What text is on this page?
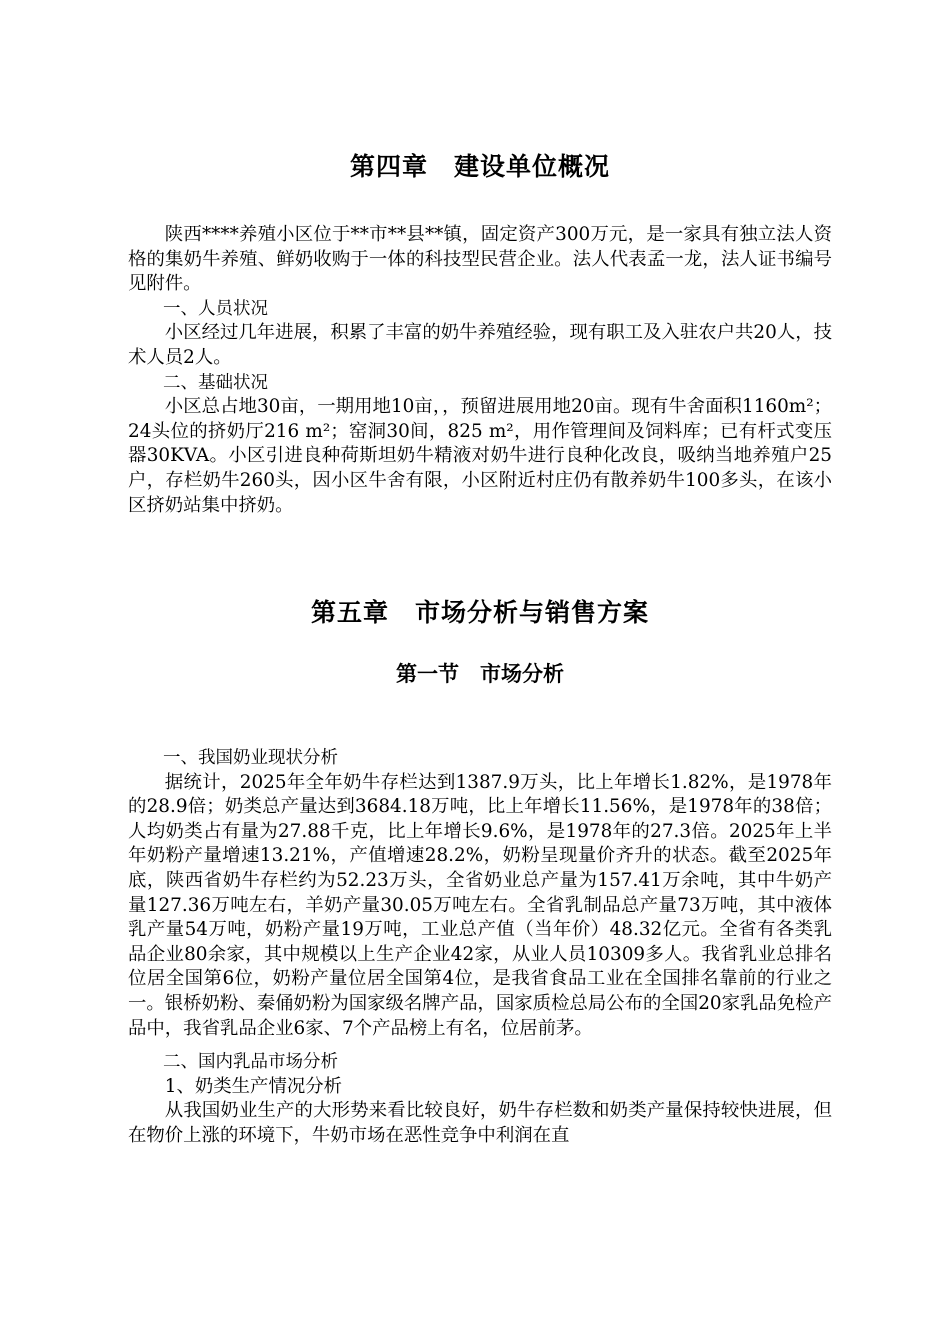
第四章　建设单位概况

陕西****养殖小区位于**市**县**镇，固定资产300万元，是一家具有独立法人资格的集奶牛养殖、鲜奶收购于一体的科技型民营企业。法人代表孟一龙，法人证书编号见附件。

一、人员状况

小区经过几年进展，积累了丰富的奶牛养殖经验，现有职工及入驻农户共20人，技术人员2人。

二、基础状况

小区总占地30亩，一期用地10亩，，预留进展用地20亩。现有牛舍面积1160m²；24头位的挤奶厅216 m²；窑洞30间，825 m²，用作管理间及饲料库；已有杆式变压器30KVA。小区引进良种荷斯坦奶牛精液对奶牛进行良种化改良，吸纳当地养殖户25户，存栏奶牛260头，因小区牛舍有限，小区附近村庄仍有散养奶牛100多头，在该小区挤奶站集中挤奶。

第五章　市场分析与销售方案
第一节　市场分析

一、我国奶业现状分析

据统计，2025年全年奶牛存栏达到1387.9万头，比上年增长1.82%，是1978年的28.9倍；奶类总产量达到3684.18万吨，比上年增长11.56%，是1978年的38倍；人均奶类占有量为27.88千克，比上年增长9.6%，是1978年的27.3倍。2025年上半年奶粉产量增速13.21%，产值增速28.2%，奶粉呈现量价齐升的状态。截至2025年底，陕西省奶牛存栏约为52.23万头，全省奶业总产量为157.41万余吨，其中牛奶产量127.36万吨左右，羊奶产量30.05万吨左右。全省乳制品总产量73万吨，其中液体乳产量54万吨，奶粉产量19万吨，工业总产值（当年价）48.32亿元。全省有各类乳品企业80余家，其中规模以上生产企业42家，从业人员10309多人。我省乳业总排名位居全国第6位，奶粉产量位居全国第4位，是我省食品工业在全国排名靠前的行业之一。银桥奶粉、秦俑奶粉为国家级名牌产品，国家质检总局公布的全国20家乳品免检产品中，我省乳品企业6家、7个产品榜上有名，位居前茅。

二、国内乳品市场分析

1、奶类生产情况分析

从我国奶业生产的大形势来看比较良好，奶牛存栏数和奶类产量保持较快进展，但在物价上涨的环境下，牛奶市场在恶性竞争中利润在直
